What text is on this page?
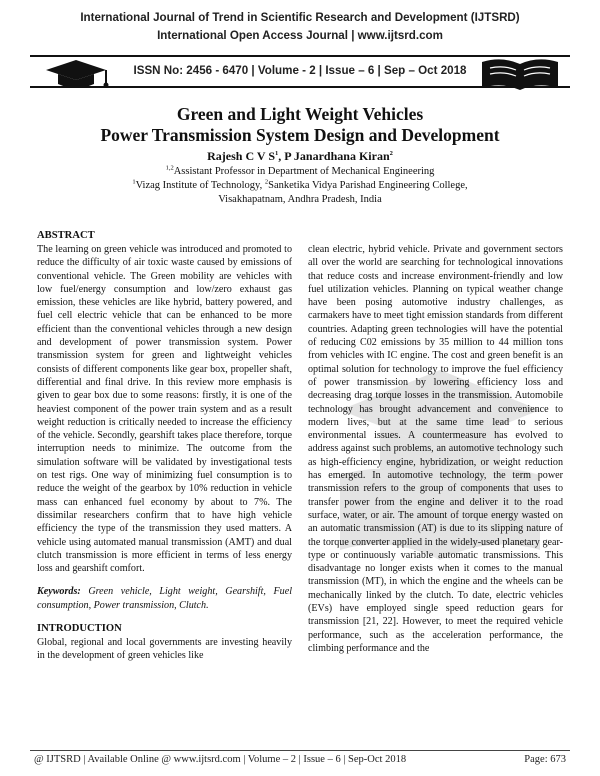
International Journal of Trend in Scientific Research and Development (IJTSRD)
International Open Access Journal | www.ijtsrd.com
ISSN No: 2456 - 6470 | Volume - 2 | Issue – 6 | Sep – Oct 2018
Green and Light Weight Vehicles
Power Transmission System Design and Development
Rajesh C V $S^1$, P Janardhana Kiran$^2$
$^{1,2}$Assistant Professor in Department of Mechanical Engineering
$^1$Vizag Institute of Technology, $^2$Sanketika Vidya Parishad Engineering College,
Visakhapatnam, Andhra Pradesh, India

ABSTRACT

The learning on green vehicle was introduced and promoted to reduce the difficulty of air toxic waste caused by emissions of conventional vehicle. The Green mobility are vehicles with low fuel/energy consumption and low/zero exhaust gas emission, these vehicles are like hybrid, battery powered, and fuel cell electric vehicle that can be enhanced to be more efficient than the conventional vehicles through a new design and development of power transmission system. Power transmission system for green and lightweight vehicles consists of different components like gear box, propeller shaft, differential and final drive. In this review more emphasis is given to gear box due to some reasons: firstly, it is one of the heaviest component of the power train system and as a result weight reduction is critically needed to increase the efficiency of the vehicle. Secondly, gearshift takes place therefore, torque interruption needs to minimize. The outcome from the simulation software will be validated by investigational tests on test rigs. One way of minimizing fuel consumption is to reduce the weight of the gearbox by 10% reduction in vehicle mass can enhanced fuel economy by about to 7%. The dissimilar researchers confirm that to have high vehicle efficiency the type of the transmission they used matters. A vehicle using automated manual transmission (AMT) and dual clutch transmission is more efficient in terms of less energy loss and gearshift comfort.

Keywords: Green vehicle, Light weight, Gearshift, Fuel consumption, Power transmission, Clutch.

INTRODUCTION

Global, regional and local governments are investing heavily in the development of green vehicles like

clean electric, hybrid vehicle. Private and government sectors all over the world are searching for technological innovations that reduce costs and increase environment-friendly and low fuel utilization vehicles. Planning on typical weather change have been posing automotive industry challenges, as carmakers have to meet tight emission standards from different countries. Adapting green technologies will have the potential of reducing C02 emissions by 35 million to 44 million tons from vehicles with IC engine. The cost and green benefit is an optimal solution for technology to improve the fuel efficiency of power transmission by lowering efficiency loss and decreasing drag torque losses in the transmission. Automobile technology has brought advancement and convenience to modern lives, but at the same time lead to serious environmental issues. A countermeasure has evolved to address against such problems, an automotive technology such as high-efficiency engine, hybridization, or weight reduction has emerged. In automotive technology, the term power transmission refers to the group of components that uses to transfer power from the engine and deliver it to the road surface, water, or air. The amount of torque energy wasted on an automatic transmission (AT) is due to its slipping nature of the torque converter applied in the widely-used planetary gear-type or continuously variable automatic transmissions. This disadvantage no longer exists when it comes to the manual transmission (MT), in which the engine and the wheels can be mechanically linked by the clutch. To date, electric vehicles (EVs) have employed single speed reduction gears for transmission [21, 22]. However, to meet the required vehicle performance, such as the acceleration performance, the climbing performance and the

@ IJTSRD | Available Online @ www.ijtsrd.com | Volume – 2 | Issue – 6 | Sep-Oct 2018	Page: 673
